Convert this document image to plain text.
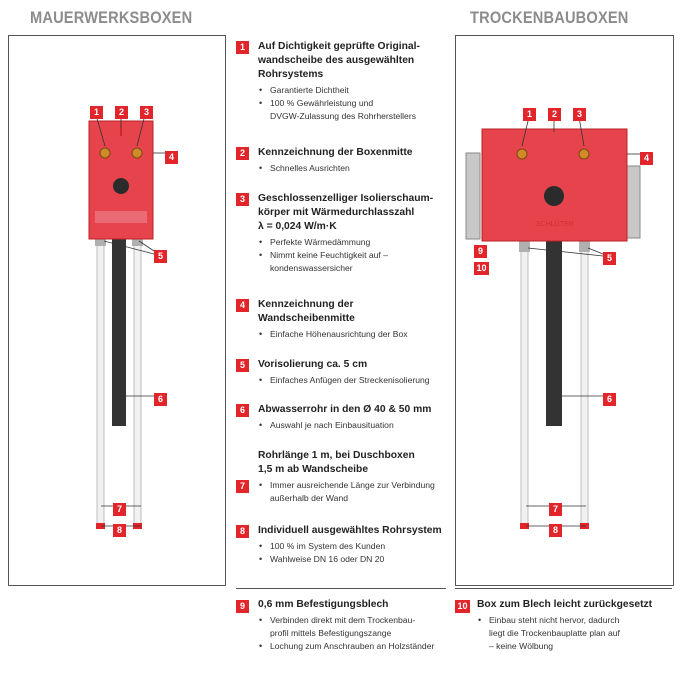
MAUERWERKSBOXEN	TROCKENBAUBOXEN
1	2	3
4
5
6
7
8
SCHLÜTER
1	2	3
4
5
6
7
8
9
10
1	Auf Dichtigkeit geprüfte Original-
wandscheibe des ausgewählten
Rohrsystems
• Garantierte Dichtheit
• 100 % Gewährleistung und
DVGW-Zulassung des Rohrherstellers
2	Kennzeichnung der Boxenmitte
• Schnelles Ausrichten
3	Geschlossenzelliger Isolierschaum-
körper mit Wärmedurchlasszahl
λ = 0,024 W/m·K
• Perfekte Wärmedämmung
• Nimmt keine Feuchtigkeit auf –
kondenswassersicher
4	Kennzeichnung der
Wandscheibenmitte
• Einfache Höhenausrichtung der Box
5	Vorisolierung ca. 5 cm
• Einfaches Anfügen der Streckenisolierung
6	Abwasserrohr in den Ø 40 & 50 mm
• Auswahl je nach Einbausituation
Rohrlänge 1 m, bei Duschboxen
1,5 m ab Wandscheibe
7
•	Immer ausreichende Länge zur Verbindung
außerhalb der Wand
8	Individuell ausgewähltes Rohrsystem
• 100 % im System des Kunden
• Wahlweise DN 16 oder DN 20
9	0,6 mm Befestigungsblech
• Verbinden direkt mit dem Trockenbau-
profil mittels Befestigungszange
• Lochung zum Anschrauben an Holzständer
10 Box zum Blech leicht zurückgesetzt
• Einbau steht nicht hervor, dadurch
liegt die Trockenbauplatte plan auf
– keine Wölbung
